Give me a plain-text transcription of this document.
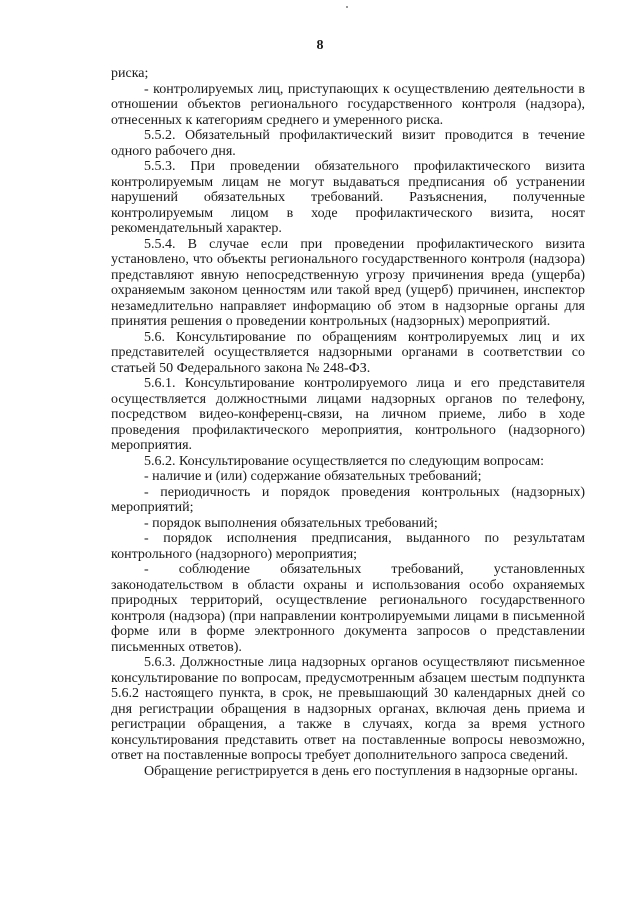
8

риска;

- контролируемых лиц, приступающих к осуществлению деятельности в отношении объектов регионального государственного контроля (надзора), отнесенных к категориям среднего и умеренного риска.

5.5.2. Обязательный профилактический визит проводится в течение одного рабочего дня.

5.5.3. При проведении обязательного профилактического визита контролируемым лицам не могут выдаваться предписания об устранении нарушений обязательных требований. Разъяснения, полученные контролируемым лицом в ходе профилактического визита, носят рекомендательный характер.

5.5.4. В случае если при проведении профилактического визита установлено, что объекты регионального государственного контроля (надзора) представляют явную непосредственную угрозу причинения вреда (ущерба) охраняемым законом ценностям или такой вред (ущерб) причинен, инспектор незамедлительно направляет информацию об этом в надзорные органы для принятия решения о проведении контрольных (надзорных) мероприятий.

5.6. Консультирование по обращениям контролируемых лиц и их представителей осуществляется надзорными органами в соответствии со статьей 50 Федерального закона № 248-ФЗ.

5.6.1. Консультирование контролируемого лица и его представителя осуществляется должностными лицами надзорных органов по телефону, посредством видео-конференц-связи, на личном приеме, либо в ходе проведения профилактического мероприятия, контрольного (надзорного) мероприятия.

5.6.2. Консультирование осуществляется по следующим вопросам:

- наличие и (или) содержание обязательных требований;

- периодичность и порядок проведения контрольных (надзорных) мероприятий;

- порядок выполнения обязательных требований;

- порядок исполнения предписания, выданного по результатам контрольного (надзорного) мероприятия;

- соблюдение обязательных требований, установленных законодательством в области охраны и использования особо охраняемых природных территорий, осуществление регионального государственного контроля (надзора) (при направлении контролируемыми лицами в письменной форме или в форме электронного документа запросов о представлении письменных ответов).

5.6.3. Должностные лица надзорных органов осуществляют письменное консультирование по вопросам, предусмотренным абзацем шестым подпункта 5.6.2 настоящего пункта, в срок, не превышающий 30 календарных дней со дня регистрации обращения в надзорных органах, включая день приема и регистрации обращения, а также в случаях, когда за время устного консультирования представить ответ на поставленные вопросы невозможно, ответ на поставленные вопросы требует дополнительного запроса сведений.

Обращение регистрируется в день его поступления в надзорные органы.
